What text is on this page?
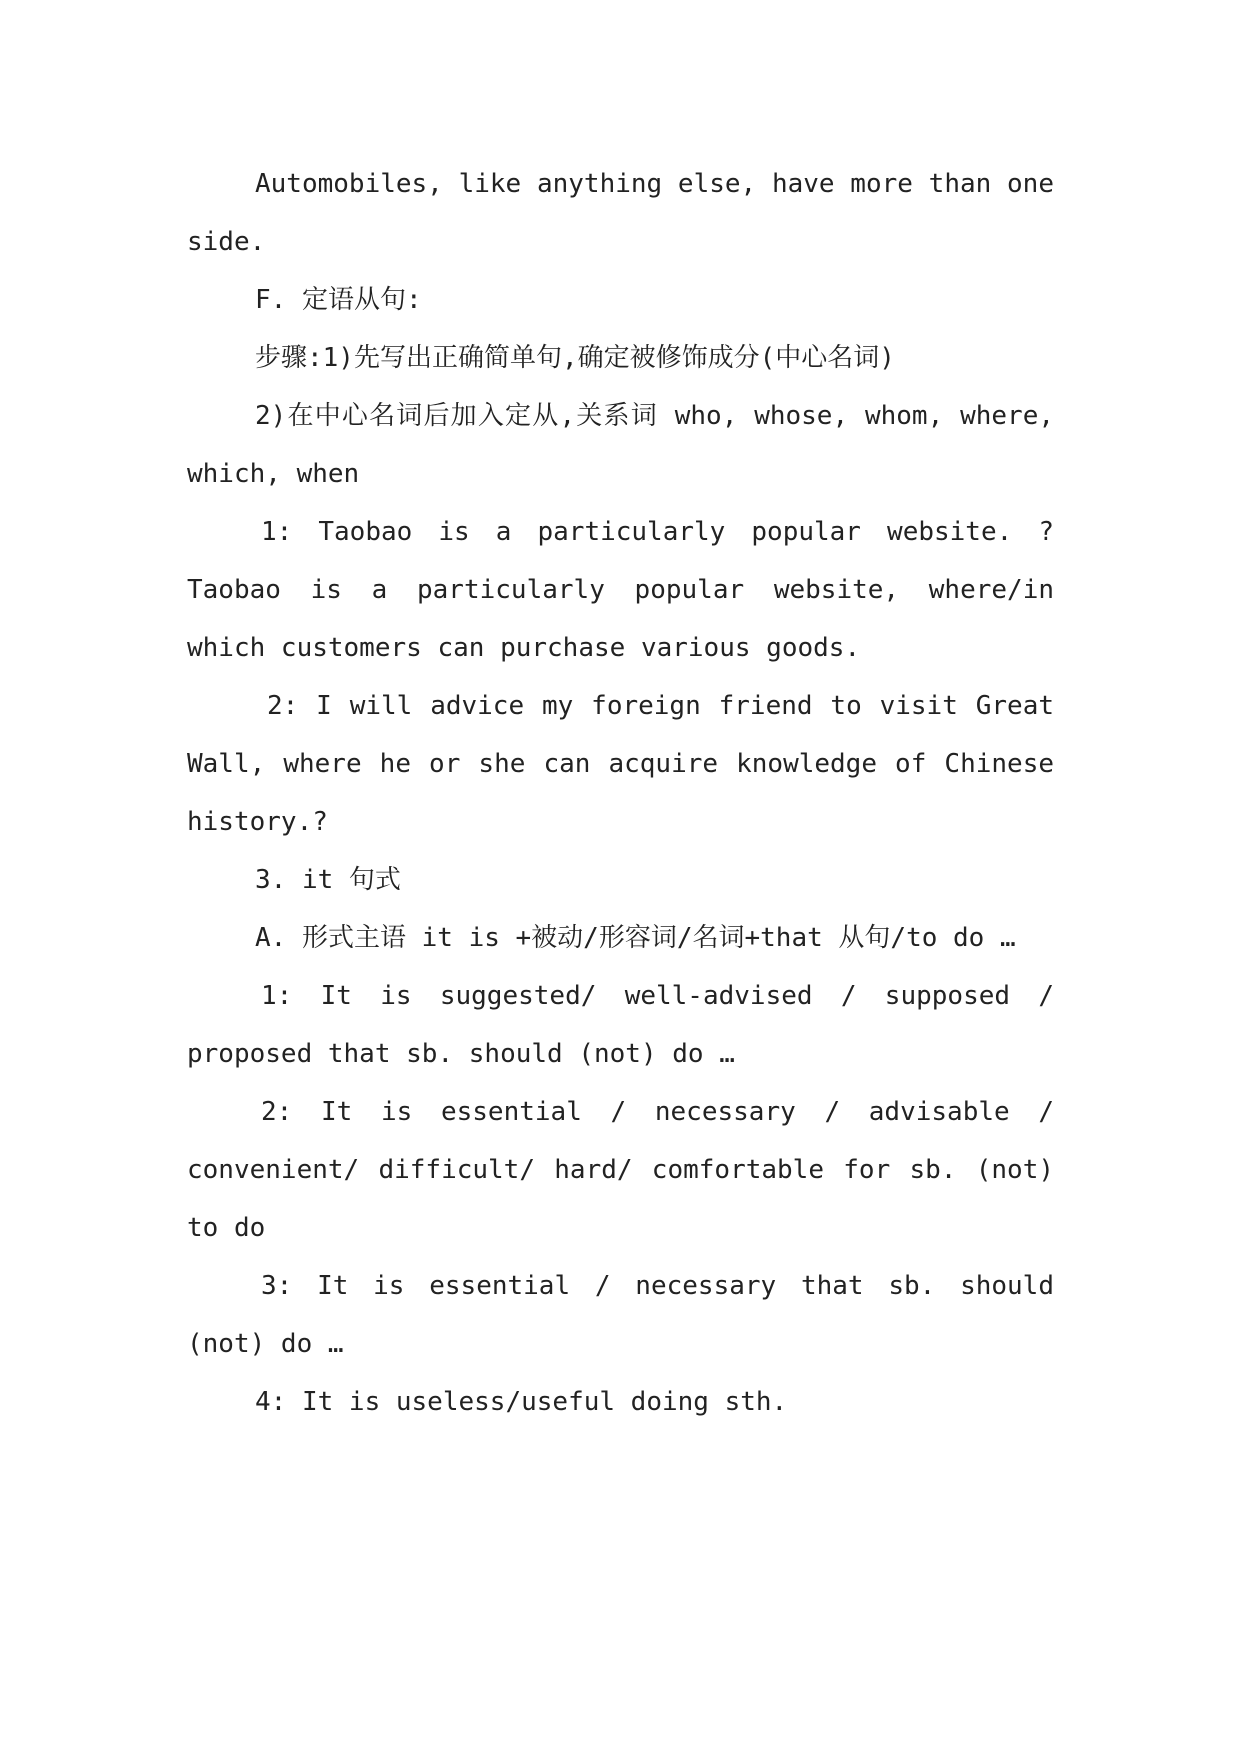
Automobiles, like anything else, have more than one side.

F. 定语从句:

步骤:1)先写出正确简单句,确定被修饰成分(中心名词)

2)在中心名词后加入定从,关系词 who, whose, whom, where, which, when

1: Taobao is a particularly popular website. ?Taobao is a particularly popular website, where/in which customers can purchase various goods.

2: I will advice my foreign friend to visit Great Wall, where he or she can acquire knowledge of Chinese history.?

3. it 句式

A. 形式主语 it is +被动/形容词/名词+that 从句/to do …

1: It is suggested/ well-advised / supposed / proposed that sb. should (not) do …

2: It is essential / necessary / advisable / convenient/ difficult/ hard/ comfortable for sb. (not) to do

3: It is essential / necessary that sb. should (not) do …

4: It is useless/useful doing sth.
